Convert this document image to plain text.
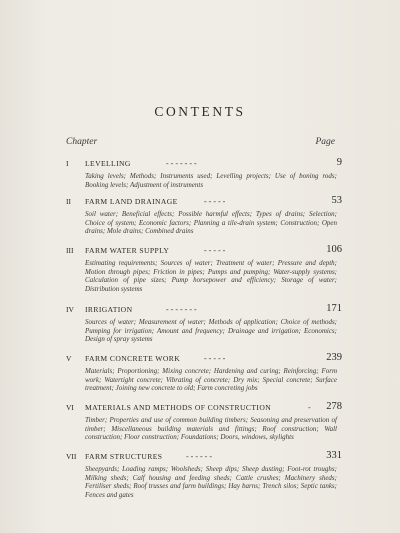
CONTENTS
Chapter	Page
I	LEVELLING	- - - - - - -	9
Taking levels; Methods; Instruments used; Levelling projects; Use of boning rods; Booking levels; Adjustment of instruments
II	FARM LAND DRAINAGE	- - - - -	53
Soil water; Beneficial effects; Possible harmful effects; Types of drains; Selection; Choice of system; Economic factors; Planning a tile-drain system; Construction; Open drains; Mole drains; Combined drains
III	FARM WATER SUPPLY	- - - - -	106
Estimating requirements; Sources of water; Treatment of water; Pressure and depth; Motion through pipes; Friction in pipes; Pumps and pumping; Water-supply systems; Calculation of pipe sizes; Pump horsepower and efficiency; Storage of water; Distribution systems
IV	IRRIGATION	- - - - - - -	171
Sources of water; Measurement of water; Methods of application; Choice of methods; Pumping for irrigation; Amount and frequency; Drainage and irrigation; Economics; Design of spray systems
V	FARM CONCRETE WORK	- - - - -	239
Materials; Proportioning; Mixing concrete; Hardening and curing; Reinforcing; Form work; Watertight concrete; Vibrating of concrete; Dry mix; Special concrete; Surface treatment; Joining new concrete to old; Farm concreting jobs
VI	MATERIALS AND METHODS OF CONSTRUCTION	- 278
Timber; Properties and use of common building timbers; Seasoning and preservation of timber; Miscellaneous building materials and fittings; Roof construction; Wall construction; Floor construction; Foundations; Doors, windows, skylights
VII	FARM STRUCTURES	- - - - - -	331
Sheepyards; Loading ramps; Woolsheds; Sheep dips; Sheep dusting; Foot-rot troughs; Milking sheds; Calf housing and feeding sheds; Cattle crushes; Machinery sheds; Fertiliser sheds; Roof trusses and farm buildings; Hay barns; Trench silos; Septic tanks; Fences and gates
